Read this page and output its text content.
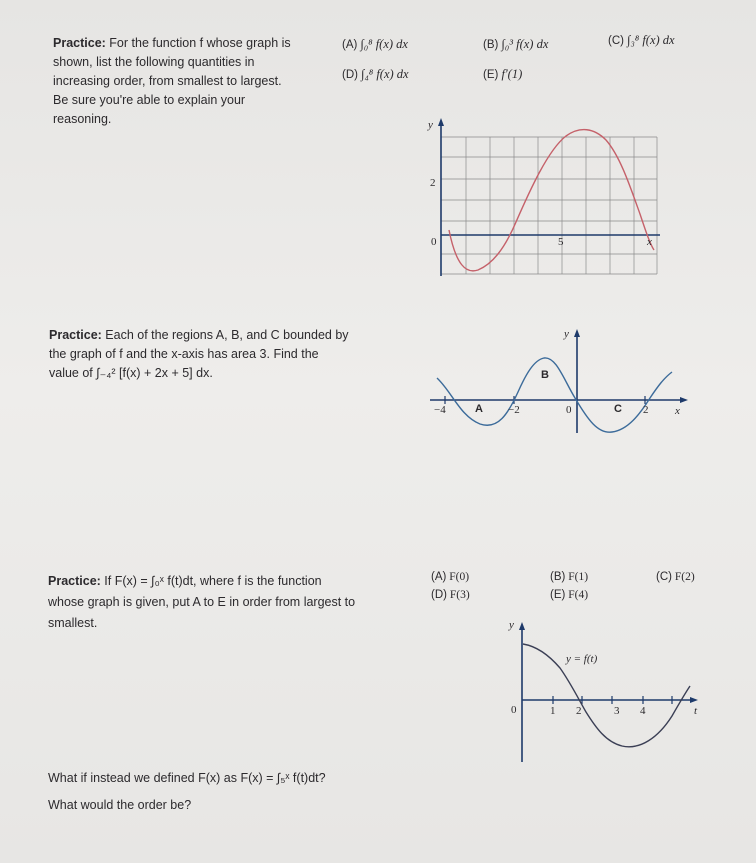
Practice: For the function f whose graph is
shown, list the following quantities in
increasing order, from smallest to largest.
Be sure you're able to explain your
reasoning.
(A) ∫₀⁸ f(x) dx	(B) ∫₀³ f(x) dx	(C) ∫₃⁸ f(x) dx
(D) ∫₄⁸ f(x) dx	(E) f′(1)
y
2
0	5	x
Practice: Each of the regions A, B, and C bounded by
the graph of f and the x-axis has area 3. Find the
value of ∫₋₄² [f(x) + 2x + 5] dx.
y
−4	A −2
B
0	C 2 x
Practice: If F(x) = ∫₀ˣ f(t)dt, where f is the function
whose graph is given, put A to E in order from largest to
smallest.
(A) F(0)	(B) F(1)	(C) F(2)
(D) F(3)	(E) F(4)
y
y = f(t)
0	1 2	3 4	t
What if instead we defined F(x) as F(x) = ∫₅ˣ f(t)dt?
What would the order be?
